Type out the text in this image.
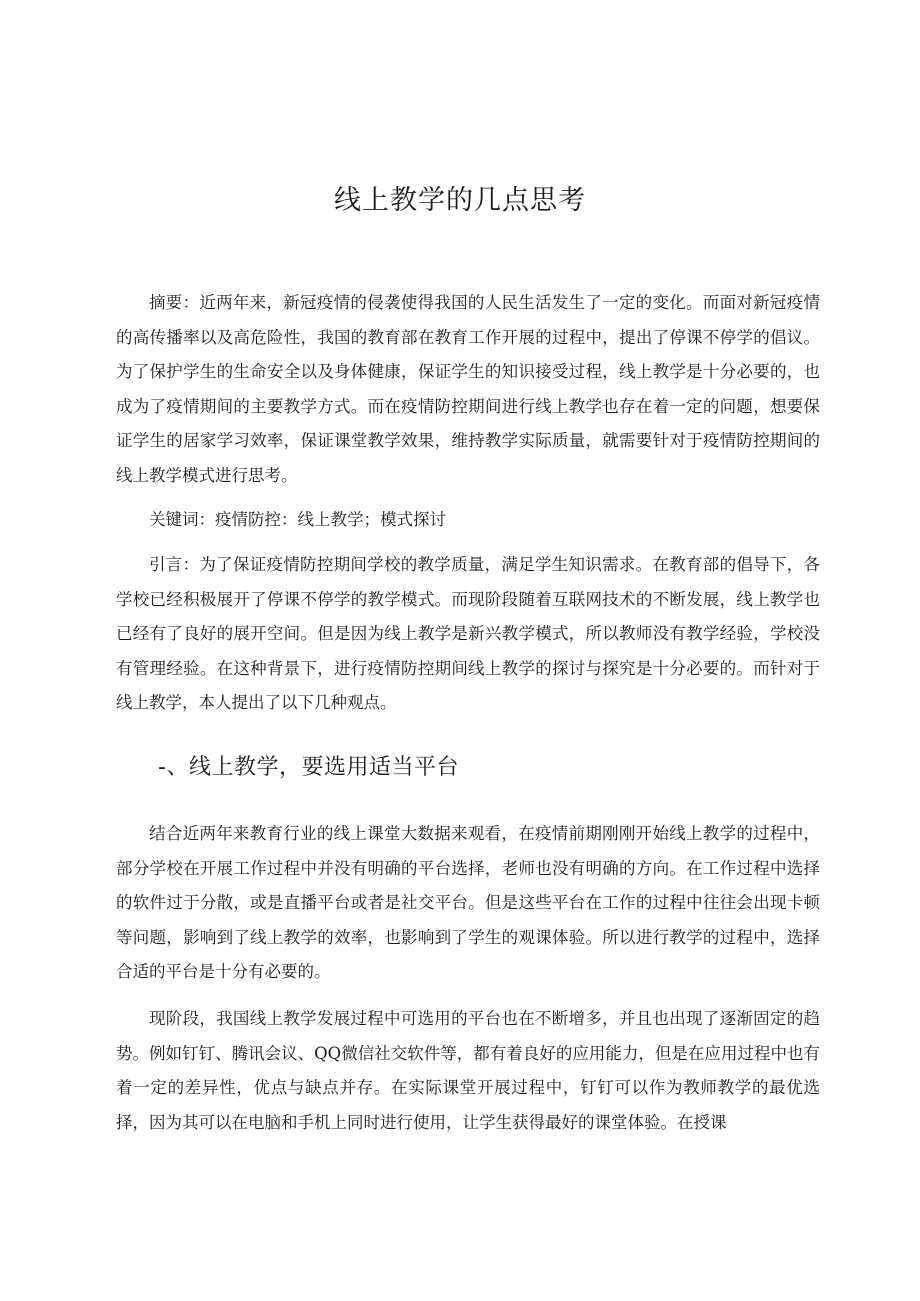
线上教学的几点思考

摘要：近两年来，新冠疫情的侵袭使得我国的人民生活发生了一定的变化。而面对新冠疫情的高传播率以及高危险性，我国的教育部在教育工作开展的过程中，提出了停课不停学的倡议。为了保护学生的生命安全以及身体健康，保证学生的知识接受过程，线上教学是十分必要的，也成为了疫情期间的主要教学方式。而在疫情防控期间进行线上教学也存在着一定的问题，想要保证学生的居家学习效率，保证课堂教学效果，维持教学实际质量，就需要针对于疫情防控期间的线上教学模式进行思考。

关键词：疫情防控：线上教学；模式探讨

引言：为了保证疫情防控期间学校的教学质量，满足学生知识需求。在教育部的倡导下，各学校已经积极展开了停课不停学的教学模式。而现阶段随着互联网技术的不断发展，线上教学也已经有了良好的展开空间。但是因为线上教学是新兴教学模式，所以教师没有教学经验，学校没有管理经验。在这种背景下，进行疫情防控期间线上教学的探讨与探究是十分必要的。而针对于线上教学，本人提出了以下几种观点。

-、线上教学，要选用适当平台

结合近两年来教育行业的线上课堂大数据来观看，在疫情前期刚刚开始线上教学的过程中，部分学校在开展工作过程中并没有明确的平台选择，老师也没有明确的方向。在工作过程中选择的软件过于分散，或是直播平台或者是社交平台。但是这些平台在工作的过程中往往会出现卡顿等问题，影响到了线上教学的效率，也影响到了学生的观课体验。所以进行教学的过程中，选择合适的平台是十分有必要的。

现阶段，我国线上教学发展过程中可选用的平台也在不断增多，并且也出现了逐渐固定的趋势。例如钉钉、腾讯会议、QQ微信社交软件等，都有着良好的应用能力，但是在应用过程中也有着一定的差异性，优点与缺点并存。在实际课堂开展过程中，钉钉可以作为教师教学的最优选择，因为其可以在电脑和手机上同时进行使用，让学生获得最好的课堂体验。在授课
